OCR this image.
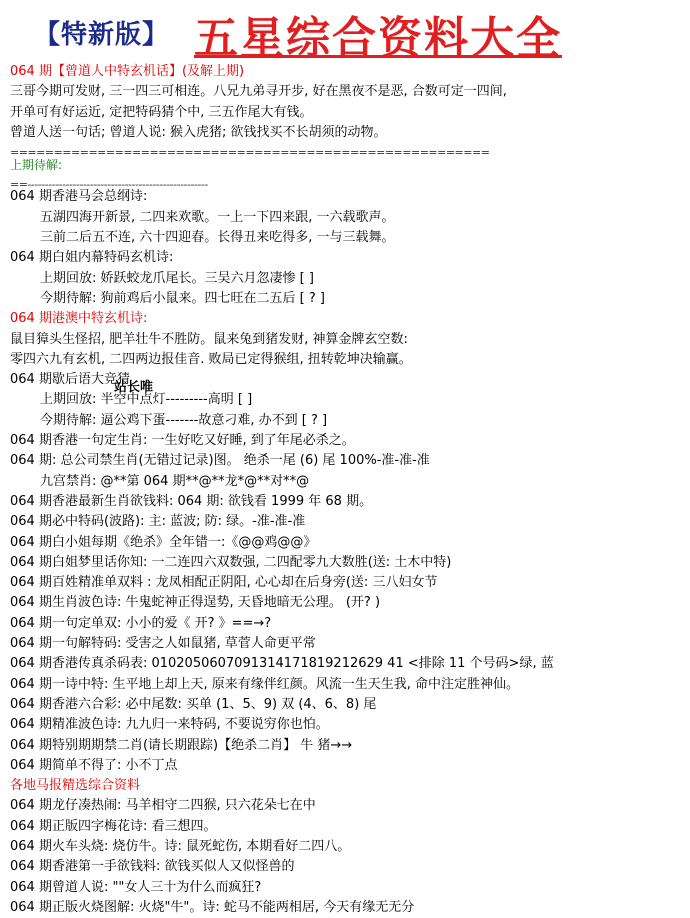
【特新版】 五星综合资料大全
064 期【曾道人中特玄机话】(及解上期)
三哥今期可发财, 三一四三可相连。八兄九弟寻开步, 好在黑夜不是恶, 合数可定一四间,
开单可有好运近, 定把特码猜个中, 三五作尾大有钱。
曾道人送一句话; 曾道人说: 猴入虎猪; 欲钱找买不长胡须的动物。
=======================================================
上期待解:
==----------------------------------------------------
064 期香港马会总纲诗:
五湖四海开新景, 二四来欢歌。一上一下四来跟, 一六载歌声。
三前二后五不连, 六十四迎春。长得丑来吃得多, 一与三载舞。
064 期白姐内幕特码玄机诗:
上期回放: 娇跃蛟龙爪尾长。三吴六月忽凄惨 [ ]
今期待解: 狗前鸡后小鼠来。四七旺在二五后 [ ? ]
064 期港澳中特玄机诗:
鼠目獐头生怪招, 肥羊壮牛不胜防。鼠来兔到猪发财, 神算金牌玄空数:
零四六九有玄机, 二四两边报佳音. 败局已定得猴组, 扭转乾坤决输赢。
064 期歇后语大竞猜
上期回放: 半空中点灯---------高明 [ ]
今期待解: 逼公鸡下蛋-------故意刁难, 办不到 [ ? ]
064 期香港一句定生肖: 一生好吃又好睡, 到了年尾必杀之。
064 期: 总公司禁生肖(无错过记录)图。 绝杀一尾 (6) 尾 100%-准-准-准
九宫禁肖: @**第 064 期**@**龙*@**对**@
064 期香港最新生肖欲钱料: 064 期: 欲钱看 1999 年 68 期。
064 期必中特码(波路): 主: 蓝波; 防: 绿。-准-准-准
064 期白小姐每期《绝杀》全年错一:《@@鸡@@》
064 期白姐梦里话你知: 一二连四六双数强, 二四配零九大数胜(送: 土木中特)
064 期百姓精准单双料 : 龙凤相配正阴阳, 心心却在后身旁(送: 三八妇女节
064 期生肖波色诗: 牛鬼蛇神正得逞势, 天昏地暗无公理。 (开? )
064 期一句定单双: 小小的爱《 开? 》==→?
064 期一句解特码: 受害之人如鼠猪, 草菅人命更平常
064 期香港传真杀码表: 0102050607091314171819212629 41 <排除 11 个号码>绿, 蓝
064 期一诗中特: 生平地上却上天, 原来有缘伴红颜。风流一生天生我, 命中注定胜神仙。
064 期香港六合彩: 必中尾数: 买单 (1、5、9) 双 (4、6、8) 尾
064 期精准波色诗: 九九归一来特码, 不要说穷你也怕。
064 期特别期期禁二肖(请长期跟踪)【绝杀二肖】 牛 猪→→
064 期简单不得了: 小不丁点
各地马报精选综合资料
064 期龙仔凑热闹: 马羊相守二四猴, 只六花朵七在中
064 期正版四字梅花诗: 看三想四。
064 期火车头烧: 烧仿牛。诗: 鼠死蛇伤, 本期看好二四八。
064 期香港第一手欲钱料: 欲钱买似人又似怪兽的
064 期曾道人说: ""女人三十为什么而疯狂?
064 期正版火烧图解: 火烧"牛"。诗: 蛇马不能两相居, 今天有缘无无分
站长唯
